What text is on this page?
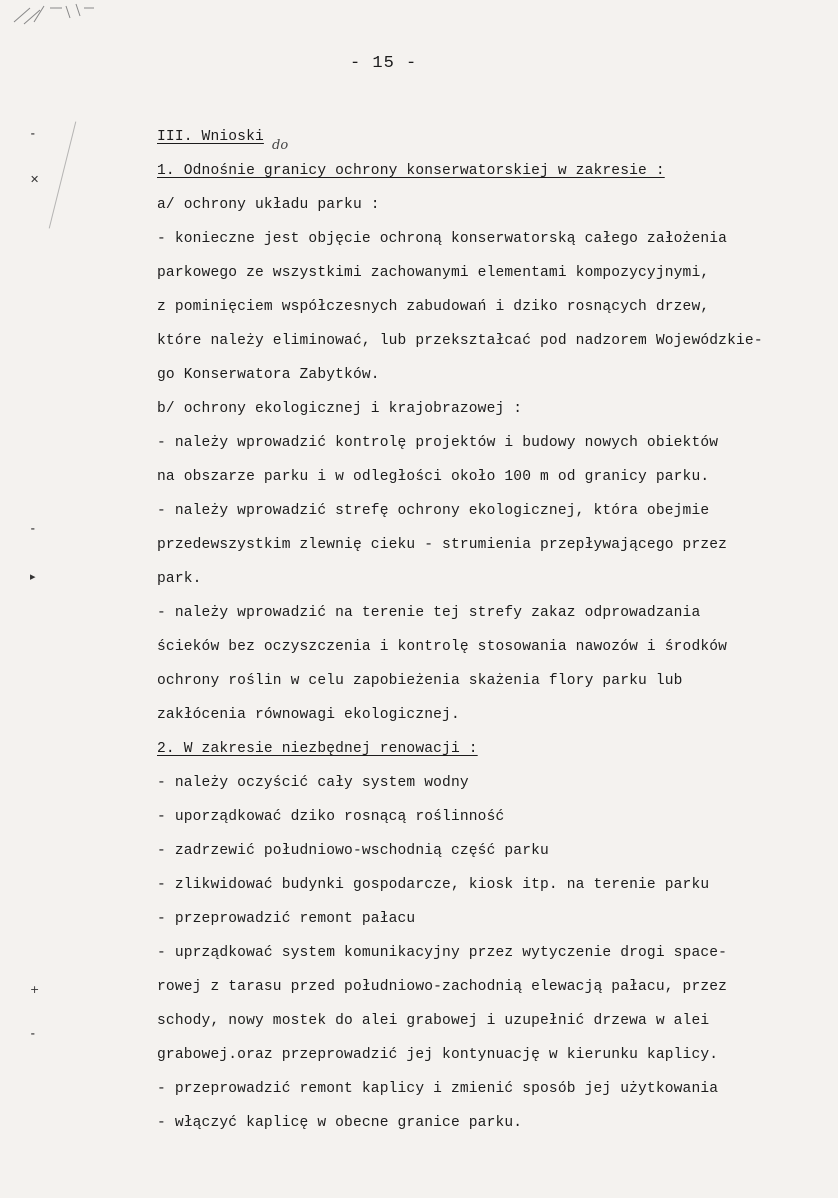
⁃
✕
⁃
▸
+
⁃
- 15 -
do
III. Wnioski
1. Odnośnie granicy ochrony konserwatorskiej w zakresie :
a/ ochrony układu parku :
- konieczne jest objęcie ochroną konserwatorską całego założenia
parkowego ze wszystkimi zachowanymi elementami kompozycyjnymi,
z pominięciem współczesnych zabudowań i dziko rosnących drzew,
które należy eliminować, lub przekształcać pod nadzorem Wojewódzkie-
go Konserwatora Zabytków.
b/ ochrony ekologicznej i krajobrazowej :
- należy wprowadzić kontrolę projektów i budowy nowych obiektów
na obszarze parku i w odległości około 100 m od granicy parku.
- należy wprowadzić strefę ochrony ekologicznej, która obejmie
przedewszystkim zlewnię cieku - strumienia przepływającego przez
park.
- należy wprowadzić na terenie tej strefy zakaz odprowadzania
ścieków bez oczyszczenia i kontrolę stosowania nawozów i środków
ochrony roślin w celu zapobieżenia skażenia flory parku lub
zakłócenia równowagi ekologicznej.
2. W zakresie niezbędnej renowacji :
- należy oczyścić cały system wodny
- uporządkować dziko rosnącą roślinność
- zadrzewić południowo-wschodnią część parku
- zlikwidować budynki gospodarcze, kiosk itp. na terenie parku
- przeprowadzić remont pałacu
- uprządkować system komunikacyjny przez wytyczenie drogi space-
rowej z tarasu przed południowo-zachodnią elewacją pałacu, przez
schody, nowy mostek do alei grabowej i uzupełnić drzewa w alei
grabowej.oraz przeprowadzić jej kontynuację w kierunku kaplicy.
- przeprowadzić remont kaplicy i zmienić sposób jej użytkowania
- włączyć kaplicę w obecne granice parku.
